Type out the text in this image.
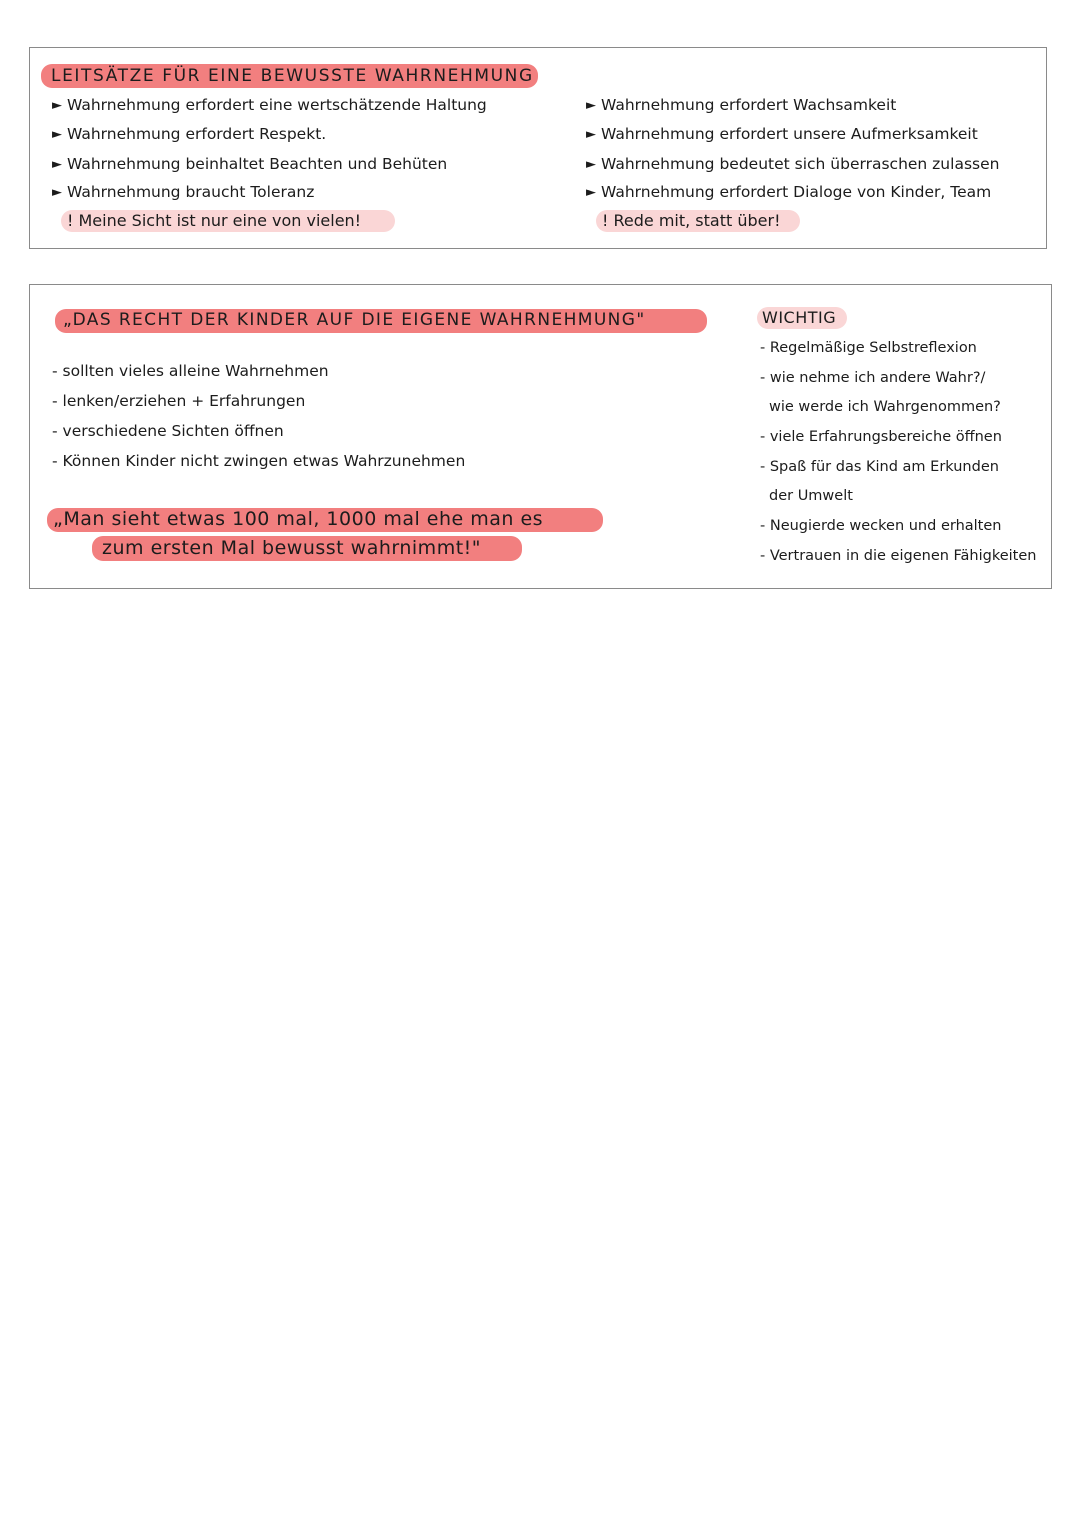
LEITSÄTZE FÜR EINE BEWUSSTE WAHRNEHMUNG
► Wahrnehmung erfordert eine wertschätzende Haltung
► Wahrnehmung erfordert Respekt.
► Wahrnehmung beinhaltet Beachten und Behüten
► Wahrnehmung braucht Toleranz
! Meine Sicht ist nur eine von vielen!
► Wahrnehmung erfordert Wachsamkeit
► Wahrnehmung erfordert unsere Aufmerksamkeit
► Wahrnehmung bedeutet sich überraschen zulassen
► Wahrnehmung erfordert Dialoge von Kinder, Team
! Rede mit, statt über!
„DAS RECHT DER KINDER AUF DIE EIGENE WAHRNEHMUNG"
- sollten vieles alleine Wahrnehmen
- lenken/erziehen + Erfahrungen
- verschiedene Sichten öffnen
- Können Kinder nicht zwingen etwas Wahrzunehmen
„Man sieht etwas 100 mal, 1000 mal ehe man es
zum ersten Mal bewusst wahrnimmt!"
WICHTIG
- Regelmäßige Selbstreflexion
- wie nehme ich andere Wahr?/
wie werde ich Wahrgenommen?
- viele Erfahrungsbereiche öffnen
- Spaß für das Kind am Erkunden
der Umwelt
- Neugierde wecken und erhalten
- Vertrauen in die eigenen Fähigkeiten
